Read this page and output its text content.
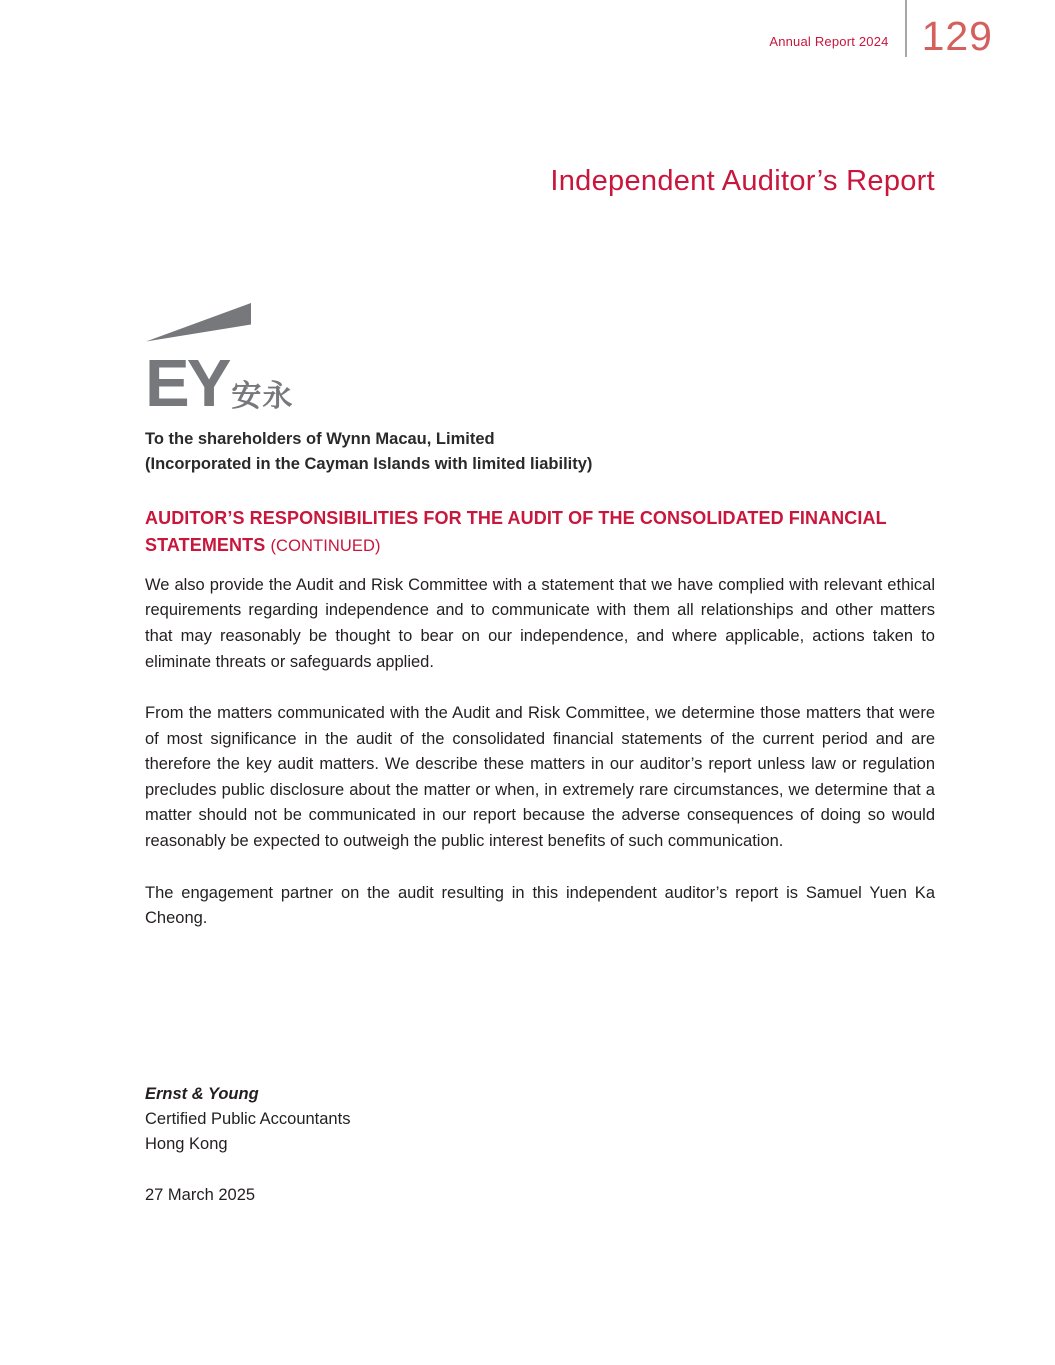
Annual Report 2024 129
Independent Auditor’s Report
EY 安永
To the shareholders of Wynn Macau, Limited
(Incorporated in the Cayman Islands with limited liability)
AUDITOR’S RESPONSIBILITIES FOR THE AUDIT OF THE CONSOLIDATED FINANCIAL STATEMENTS (CONTINUED)

We also provide the Audit and Risk Committee with a statement that we have complied with relevant ethical requirements regarding independence and to communicate with them all relationships and other matters that may reasonably be thought to bear on our independence, and where applicable, actions taken to eliminate threats or safeguards applied.

From the matters communicated with the Audit and Risk Committee, we determine those matters that were of most significance in the audit of the consolidated financial statements of the current period and are therefore the key audit matters. We describe these matters in our auditor’s report unless law or regulation precludes public disclosure about the matter or when, in extremely rare circumstances, we determine that a matter should not be communicated in our report because the adverse consequences of doing so would reasonably be expected to outweigh the public interest benefits of such communication.

The engagement partner on the audit resulting in this independent auditor’s report is Samuel Yuen Ka Cheong.

Ernst & Young
Certified Public Accountants
Hong Kong
27 March 2025
